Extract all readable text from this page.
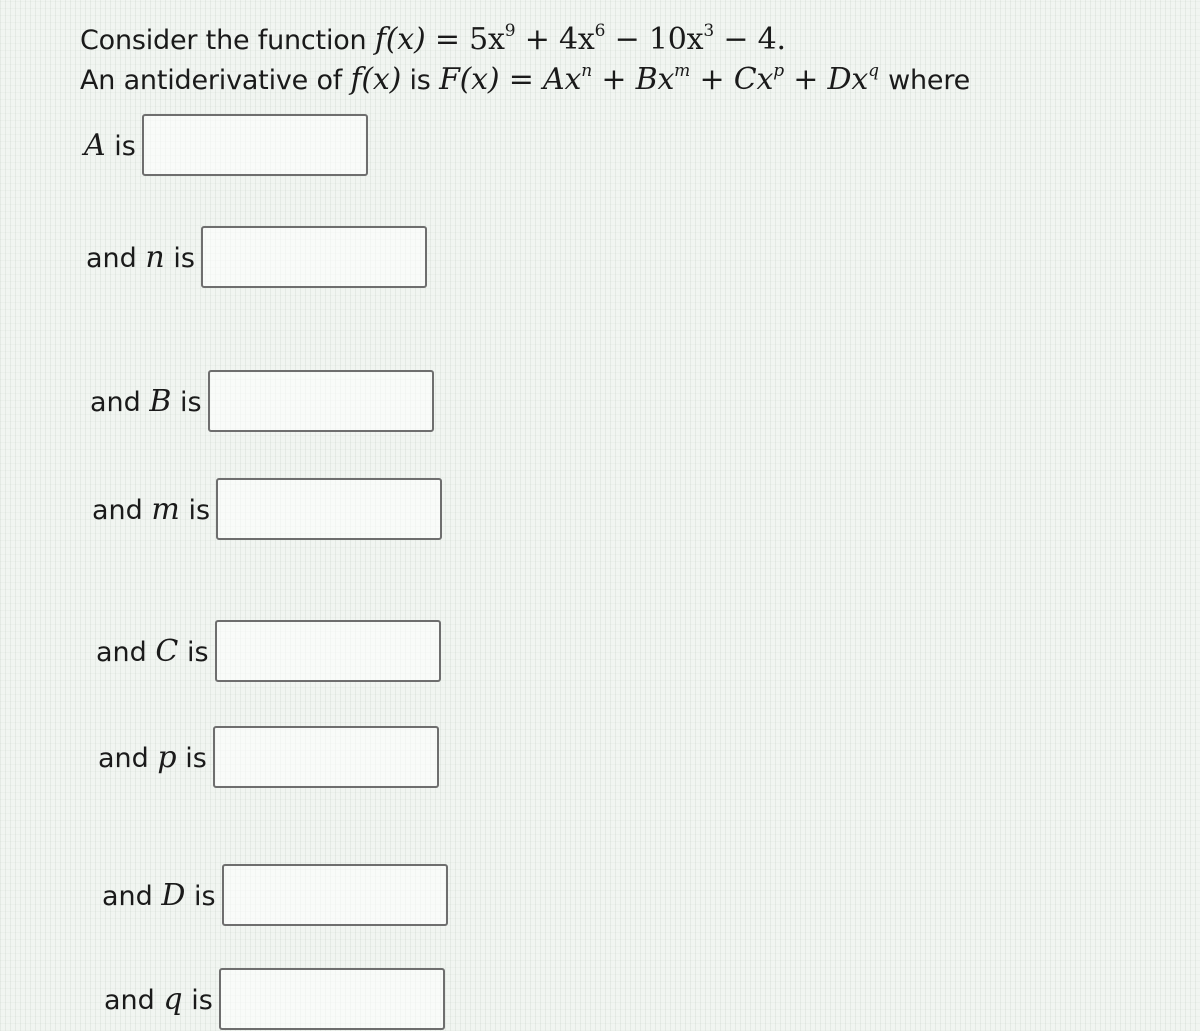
Consider the function $f(x) = 5x^9 + 4x^6 - 10x^3 - 4$.
An antiderivative of f(x) is $F(x) = Ax^n + Bx^m + Cx^p + Dx^q$ where
A is
and n is
and B is
and m is
and C is
and p is
and D is
and q is
